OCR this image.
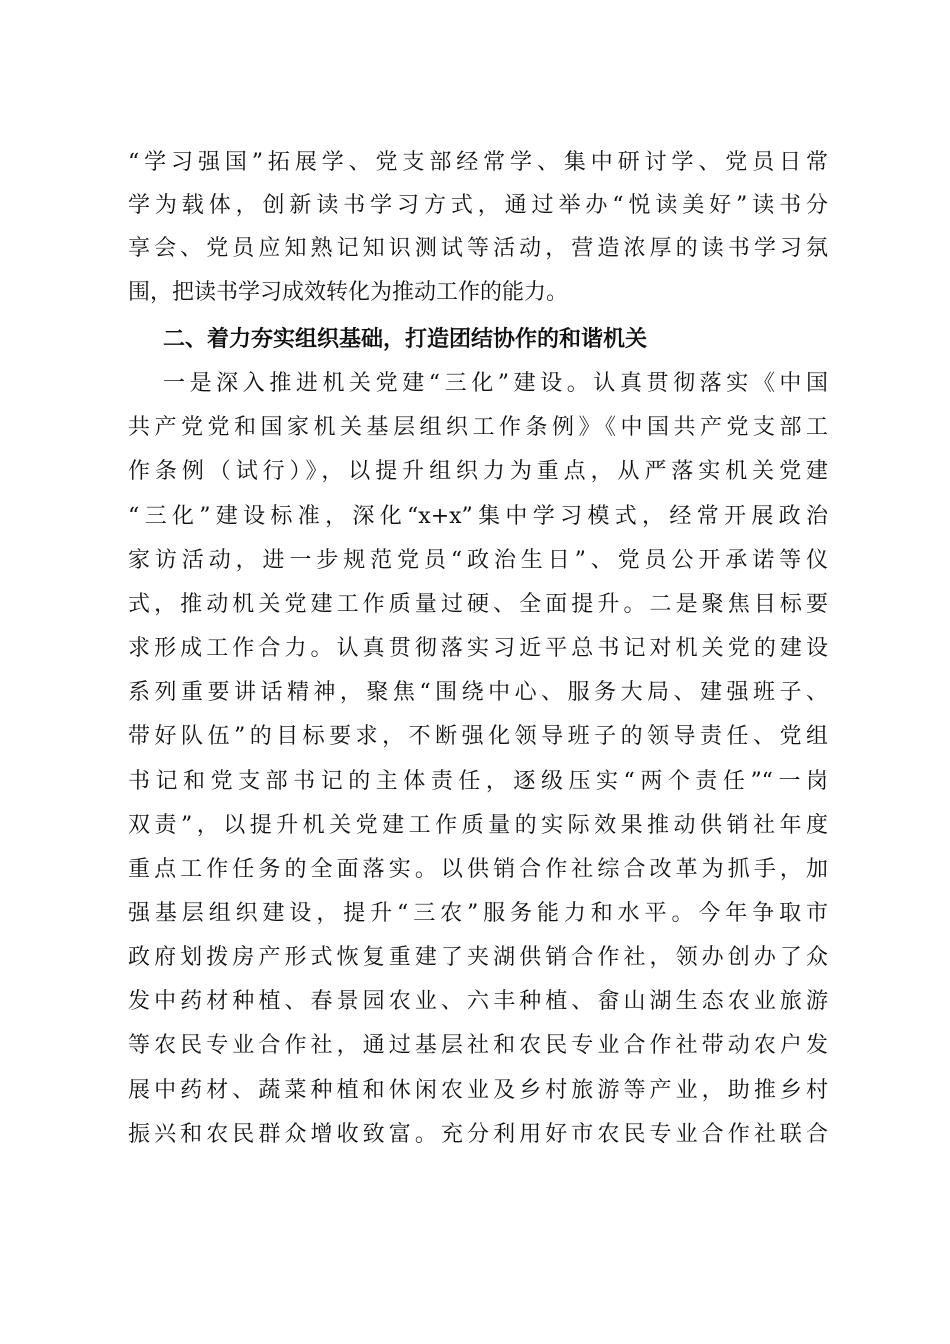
“学习强国”拓展学、党支部经常学、集中研讨学、党员日常
学为载体，创新读书学习方式，通过举办“悦读美好”读书分
享会、党员应知熟记知识测试等活动，营造浓厚的读书学习氛
围，把读书学习成效转化为推动工作的能力。
二、着力夯实组织基础，打造团结协作的和谐机关
一是深入推进机关党建“三化”建设。认真贯彻落实《中国
共产党党和国家机关基层组织工作条例》《中国共产党支部工
作条例（试行）》，以提升组织力为重点，从严落实机关党建
“三化”建设标准，深化“x+x”集中学习模式，经常开展政治
家访活动，进一步规范党员“政治生日”、党员公开承诺等仪
式，推动机关党建工作质量过硬、全面提升。二是聚焦目标要
求形成工作合力。认真贯彻落实习近平总书记对机关党的建设
系列重要讲话精神，聚焦“围绕中心、服务大局、建强班子、
带好队伍”的目标要求，不断强化领导班子的领导责任、党组
书记和党支部书记的主体责任，逐级压实“两个责任”“一岗
双责”，以提升机关党建工作质量的实际效果推动供销社年度
重点工作任务的全面落实。以供销合作社综合改革为抓手，加
强基层组织建设，提升“三农”服务能力和水平。今年争取市
政府划拨房产形式恢复重建了夹湖供销合作社，领办创办了众
发中药材种植、春景园农业、六丰种植、畲山湖生态农业旅游
等农民专业合作社，通过基层社和农民专业合作社带动农户发
展中药材、蔬菜种植和休闲农业及乡村旅游等产业，助推乡村
振兴和农民群众增收致富。充分利用好市农民专业合作社联合
